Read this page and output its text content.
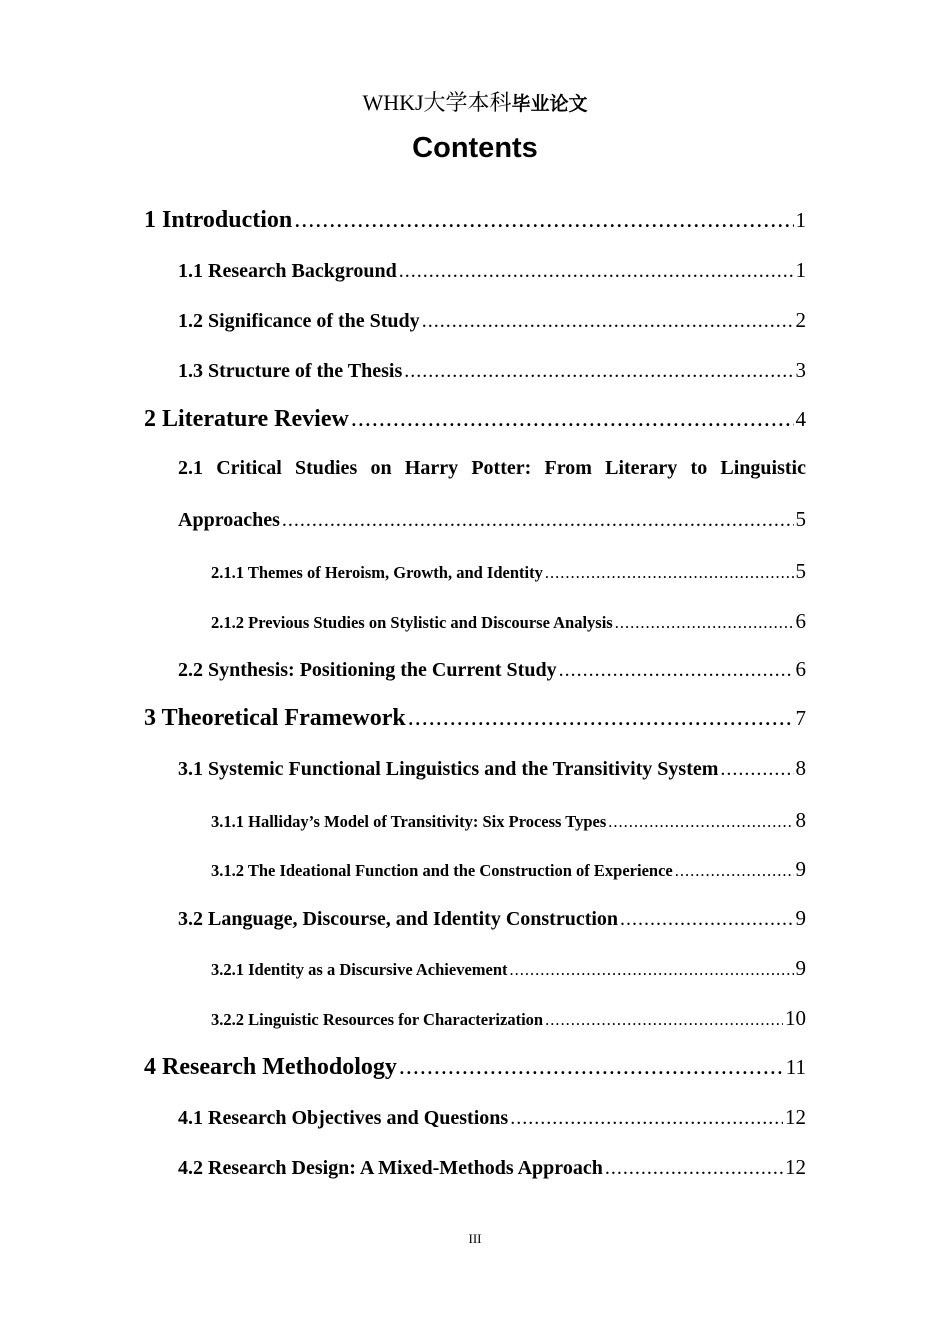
WHKJ大学本科毕业论文
Contents
1 Introduction .....	1
1.1 Research Background .....	1
1.2 Significance of the Study .....	2
1.3 Structure of the Thesis .....	3
2 Literature Review .....	4
2.1 Critical Studies on Harry Potter: From Literary to Linguistic
Approaches .....	5
2.1.1 Themes of Heroism, Growth, and Identity .....	5
2.1.2 Previous Studies on Stylistic and Discourse Analysis .....	6
2.2 Synthesis: Positioning the Current Study .....	6
3 Theoretical Framework .....	7
3.1 Systemic Functional Linguistics and the Transitivity System .....	8
3.1.1 Halliday’s Model of Transitivity: Six Process Types .....	8
3.1.2 The Ideational Function and the Construction of Experience .....	9
3.2 Language, Discourse, and Identity Construction .....	9
3.2.1 Identity as a Discursive Achievement .....	9
3.2.2 Linguistic Resources for Characterization .....	10
4 Research Methodology .....	11
4.1 Research Objectives and Questions .....	12
4.2 Research Design: A Mixed-Methods Approach .....	12
III
